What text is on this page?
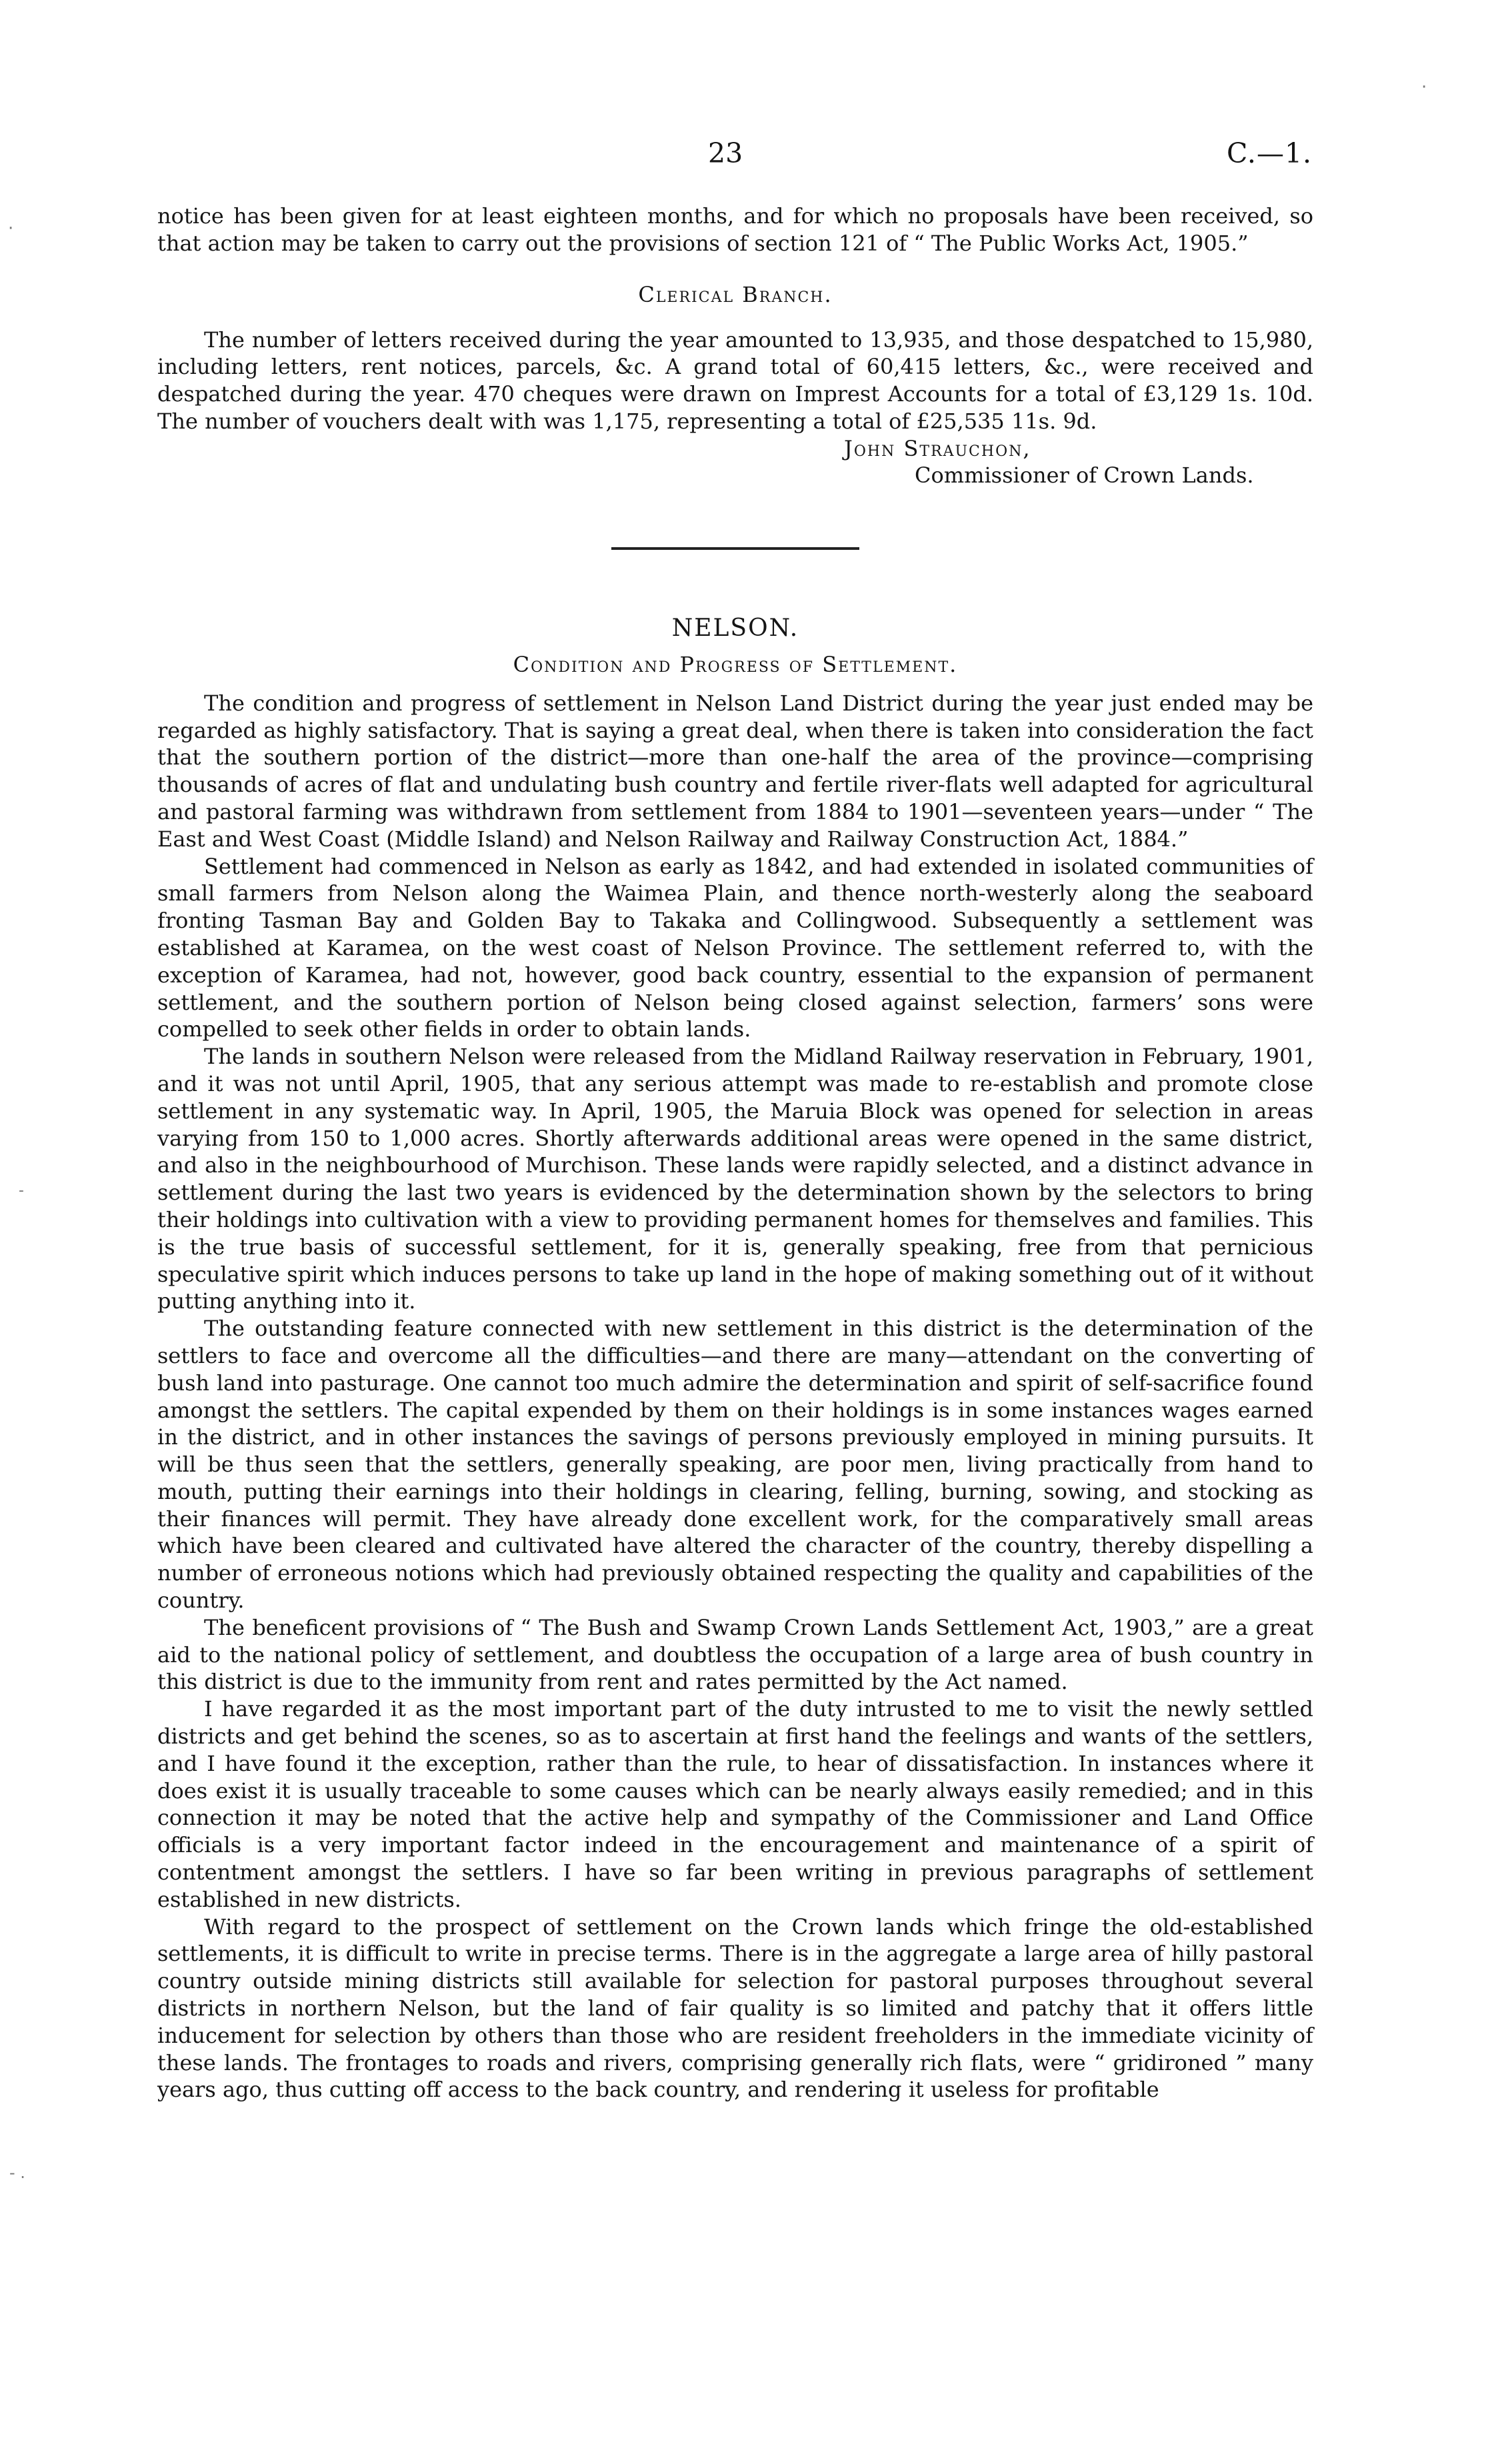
23	C.—1.
·
·
-
- .

notice has been given for at least eighteen months, and for which no proposals have been received, so that action may be taken to carry out the provisions of section 121 of “ The Public Works Act, 1905.”

Clerical Branch.

The number of letters received during the year amounted to 13,935, and those despatched to 15,980, including letters, rent notices, parcels, &c. A grand total of 60,415 letters, &c., were received and despatched during the year. 470 cheques were drawn on Imprest Accounts for a total of £3,129 1s. 10d. The number of vouchers dealt with was 1,175, representing a total of £25,535 11s. 9d.

John Strauchon,
Commissioner of Crown Lands.
NELSON.
Condition and Progress of Settlement.

The condition and progress of settlement in Nelson Land District during the year just ended may be regarded as highly satisfactory. That is saying a great deal, when there is taken into consideration the fact that the southern portion of the district—more than one-half the area of the province—comprising thousands of acres of flat and undulating bush country and fertile river-flats well adapted for agricultural and pastoral farming was withdrawn from settlement from 1884 to 1901—seventeen years—under “ The East and West Coast (Middle Island) and Nelson Railway and Railway Construction Act, 1884.”

Settlement had commenced in Nelson as early as 1842, and had extended in isolated communities of small farmers from Nelson along the Waimea Plain, and thence north-westerly along the seaboard fronting Tasman Bay and Golden Bay to Takaka and Collingwood. Subsequently a settlement was established at Karamea, on the west coast of Nelson Province. The settlement referred to, with the exception of Karamea, had not, however, good back country, essential to the expansion of permanent settlement, and the southern portion of Nelson being closed against selection, farmers’ sons were compelled to seek other fields in order to obtain lands.

The lands in southern Nelson were released from the Midland Railway reservation in February, 1901, and it was not until April, 1905, that any serious attempt was made to re-establish and promote close settlement in any systematic way. In April, 1905, the Maruia Block was opened for selection in areas varying from 150 to 1,000 acres. Shortly afterwards additional areas were opened in the same district, and also in the neighbourhood of Murchison. These lands were rapidly selected, and a distinct advance in settlement during the last two years is evidenced by the determination shown by the selectors to bring their holdings into cultivation with a view to providing permanent homes for themselves and families. This is the true basis of successful settlement, for it is, generally speaking, free from that pernicious speculative spirit which induces persons to take up land in the hope of making something out of it without putting anything into it.

The outstanding feature connected with new settlement in this district is the determination of the settlers to face and overcome all the difficulties—and there are many—attendant on the converting of bush land into pasturage. One cannot too much admire the determination and spirit of self-sacrifice found amongst the settlers. The capital expended by them on their holdings is in some instances wages earned in the district, and in other instances the savings of persons previously employed in mining pursuits. It will be thus seen that the settlers, generally speaking, are poor men, living practically from hand to mouth, putting their earnings into their holdings in clearing, felling, burning, sowing, and stocking as their finances will permit. They have already done excellent work, for the comparatively small areas which have been cleared and cultivated have altered the character of the country, thereby dispelling a number of erroneous notions which had previously obtained respecting the quality and capabilities of the country.

The beneficent provisions of “ The Bush and Swamp Crown Lands Settlement Act, 1903,” are a great aid to the national policy of settlement, and doubtless the occupation of a large area of bush country in this district is due to the immunity from rent and rates permitted by the Act named.

I have regarded it as the most important part of the duty intrusted to me to visit the newly settled districts and get behind the scenes, so as to ascertain at first hand the feelings and wants of the settlers, and I have found it the exception, rather than the rule, to hear of dissatisfaction. In instances where it does exist it is usually traceable to some causes which can be nearly always easily remedied; and in this connection it may be noted that the active help and sympathy of the Commissioner and Land Office officials is a very important factor indeed in the encouragement and maintenance of a spirit of contentment amongst the settlers. I have so far been writing in previous paragraphs of settlement established in new districts.

With regard to the prospect of settlement on the Crown lands which fringe the old-established settlements, it is difficult to write in precise terms. There is in the aggregate a large area of hilly pastoral country outside mining districts still available for selection for pastoral purposes throughout several districts in northern Nelson, but the land of fair quality is so limited and patchy that it offers little inducement for selection by others than those who are resident freeholders in the immediate vicinity of these lands. The frontages to roads and rivers, comprising generally rich flats, were “ gridironed ” many years ago, thus cutting off access to the back country, and rendering it useless for profitable
